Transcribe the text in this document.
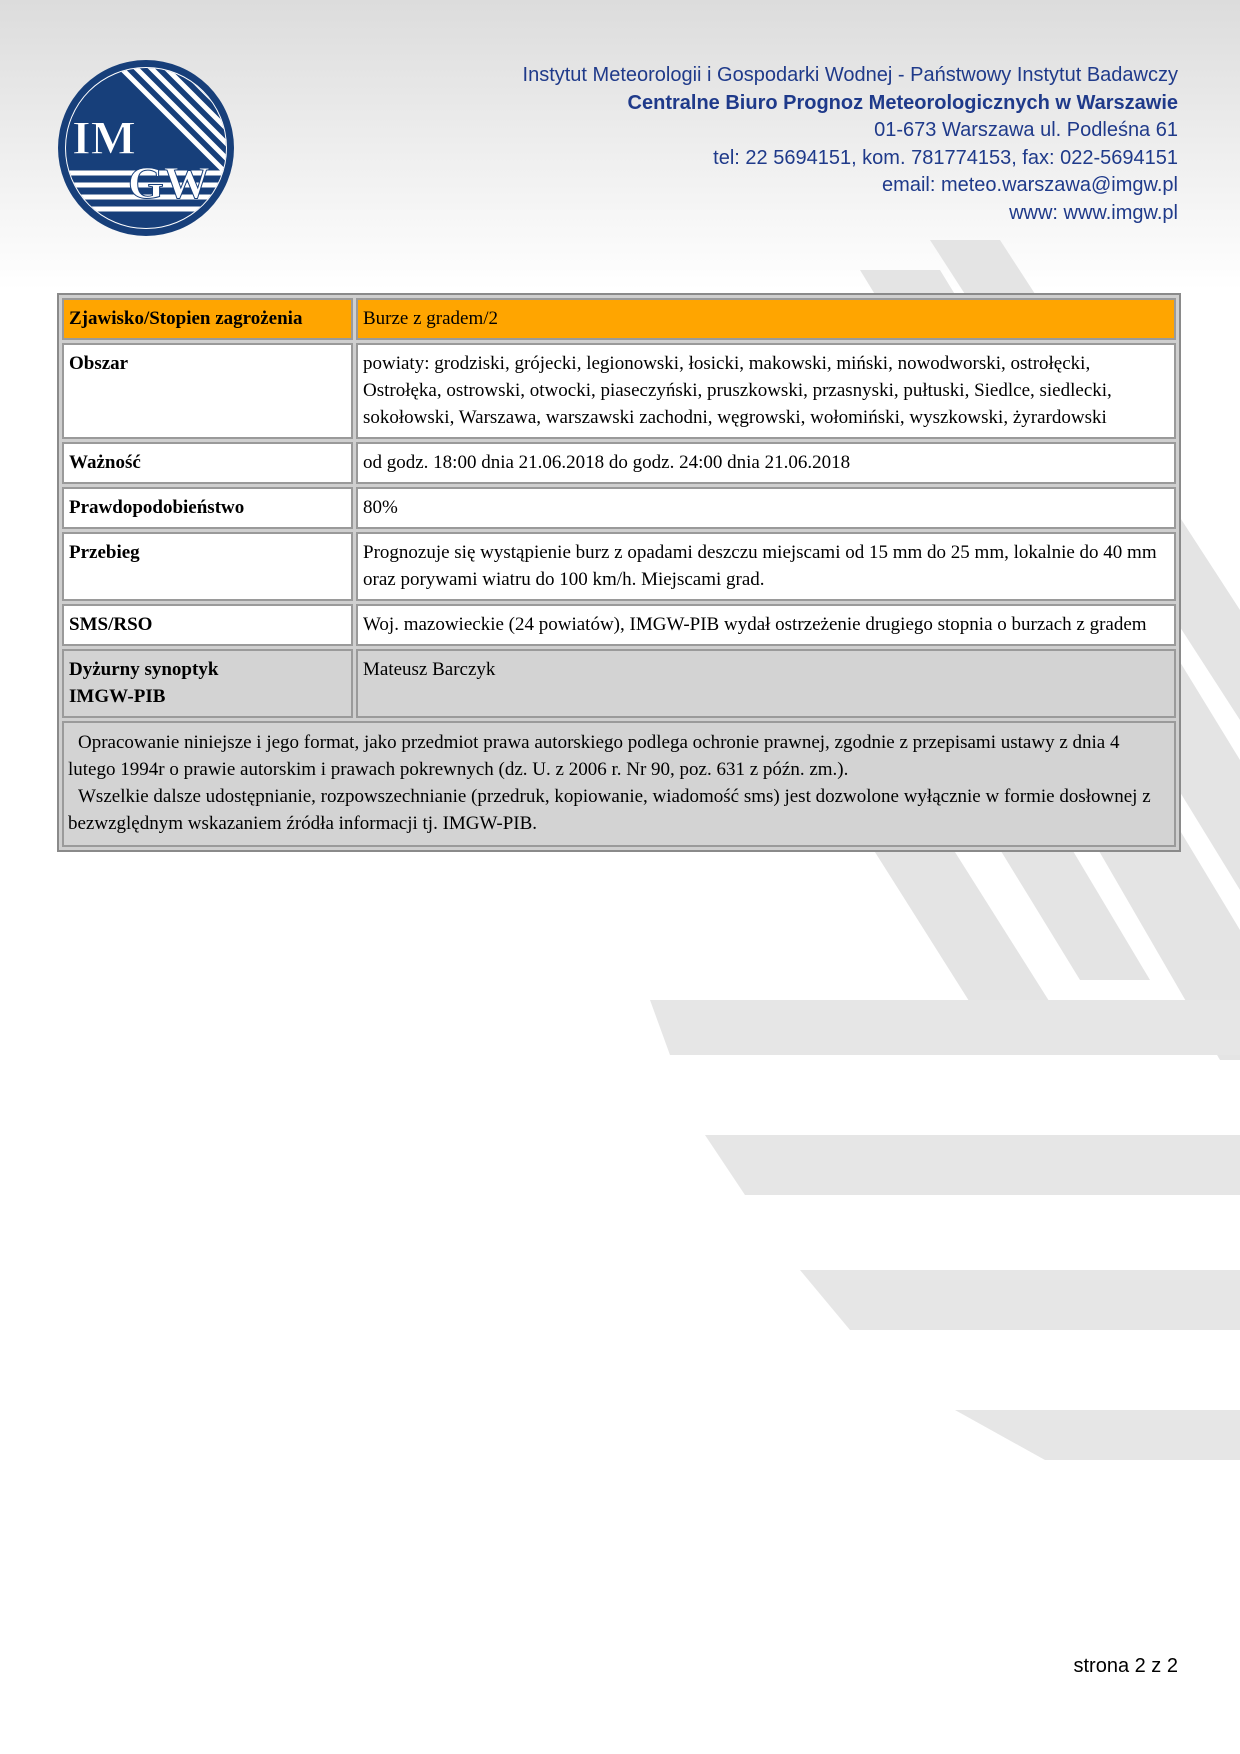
IM
GW
Instytut Meteorologii i Gospodarki Wodnej - Państwowy Instytut Badawczy
Centralne Biuro Prognoz Meteorologicznych w Warszawie
01-673 Warszawa ul. Podleśna 61
tel: 22 5694151, kom. 781774153, fax: 022-5694151
email: meteo.warszawa@imgw.pl
www: www.imgw.pl
Zjawisko/Stopien zagrożenia	Burze z gradem/2
Obszar	powiaty: grodziski, grójecki, legionowski, łosicki, makowski, miński, nowodworski, ostrołęcki, Ostrołęka, ostrowski, otwocki, piaseczyński, pruszkowski, przasnyski, pułtuski, Siedlce, siedlecki, sokołowski, Warszawa, warszawski zachodni, węgrowski, wołomiński, wyszkowski, żyrardowski
Ważność	od godz. 18:00 dnia 21.06.2018 do godz. 24:00 dnia 21.06.2018
Prawdopodobieństwo	80%
Przebieg	Prognozuje się wystąpienie burz z opadami deszczu miejscami od 15 mm do 25 mm, lokalnie do 40 mm oraz porywami wiatru do 100 km/h. Miejscami grad.
SMS/RSO	Woj. mazowieckie (24 powiatów), IMGW-PIB wydał ostrzeżenie drugiego stopnia o burzach z gradem

Dyżurny synoptyk
IMGW-PIB	Mateusz Barczyk

Opracowanie niniejsze i jego format, jako przedmiot prawa autorskiego podlega ochronie prawnej, zgodnie z przepisami ustawy z dnia 4 lutego 1994r o prawie autorskim i prawach pokrewnych (dz. U. z 2006 r. Nr 90, poz. 631 z późn. zm.).

Wszelkie dalsze udostępnianie, rozpowszechnianie (przedruk, kopiowanie, wiadomość sms) jest dozwolone wyłącznie w formie dosłownej z bezwzględnym wskazaniem źródła informacji tj. IMGW-PIB.	

strona 2 z 2
